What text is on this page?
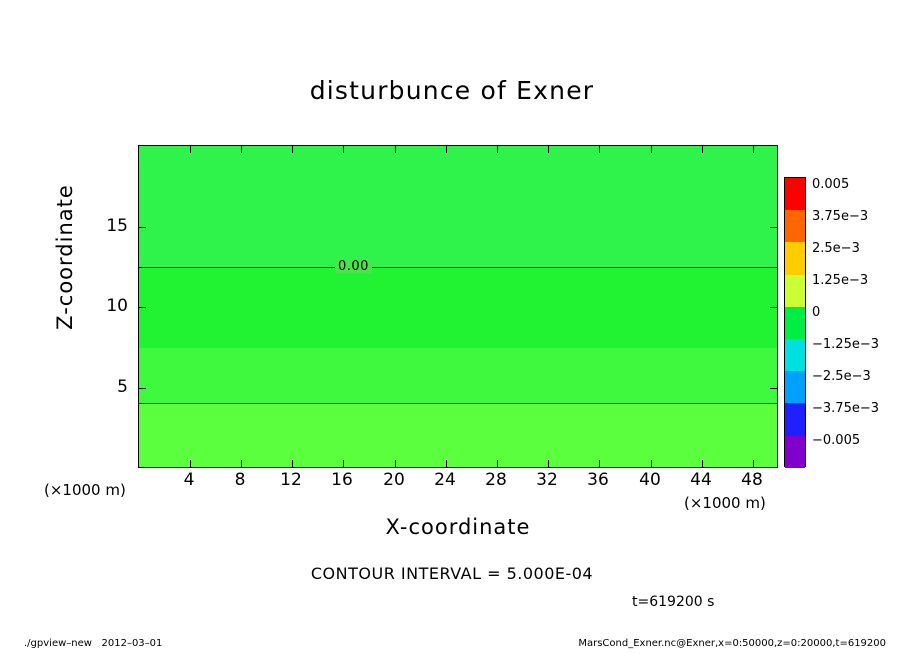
disturbunce of Exner
0.00
4	8	12	16	20	24	28	32	36	40	44	48
5
10
15
(×1000 m)
(×1000 m)
X-coordinate
Z-coordinate
CONTOUR INTERVAL = 5.000E-04
t=619200 s
0.005
3.75e−3
2.5e−3
1.25e−3
0
−1.25e−3
−2.5e−3
−3.75e−3
−0.005
./gpview–new 2012–03–01	MarsCond_Exner.nc@Exner,x=0:50000,z=0:20000,t=619200
